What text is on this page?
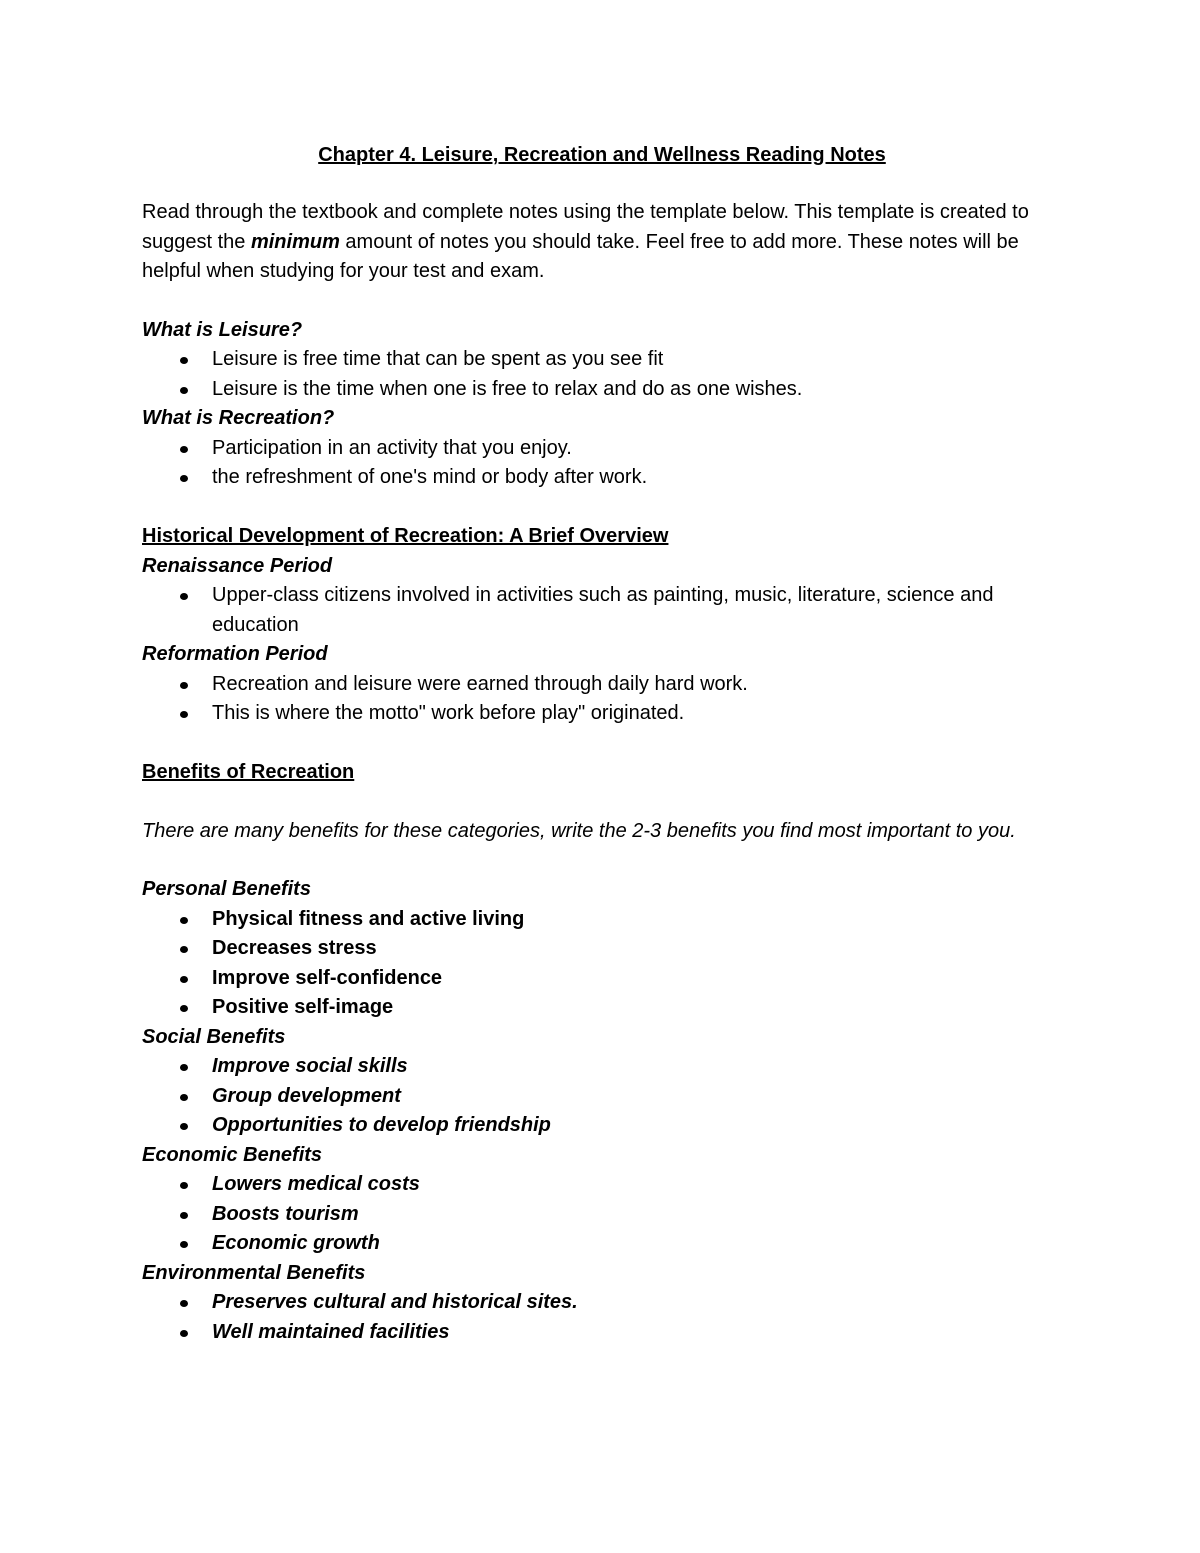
Chapter 4. Leisure, Recreation and Wellness Reading Notes
Read through the textbook and complete notes using the template below. This template is created to suggest the minimum amount of notes you should take. Feel free to add more. These notes will be helpful when studying for your test and exam.
What is Leisure?
Leisure is free time that can be spent as you see fit
Leisure is the time when one is free to relax and do as one wishes.
What is Recreation?
Participation in an activity that you enjoy.
the refreshment of one's mind or body after work.
Historical Development of Recreation: A Brief Overview
Renaissance Period
Upper-class citizens involved in activities such as painting, music, literature, science and education
Reformation Period
Recreation and leisure were earned through daily hard work.
This is where the motto" work before play" originated.
Benefits of Recreation
There are many benefits for these categories, write the 2-3 benefits you find most important to you.
Personal Benefits
Physical fitness and active living
Decreases stress
Improve self-confidence
Positive self-image
Social Benefits
Improve social skills
Group development
Opportunities to develop friendship
Economic Benefits
Lowers medical costs
Boosts tourism
Economic growth
Environmental Benefits
Preserves cultural and historical sites.
Well maintained facilities
